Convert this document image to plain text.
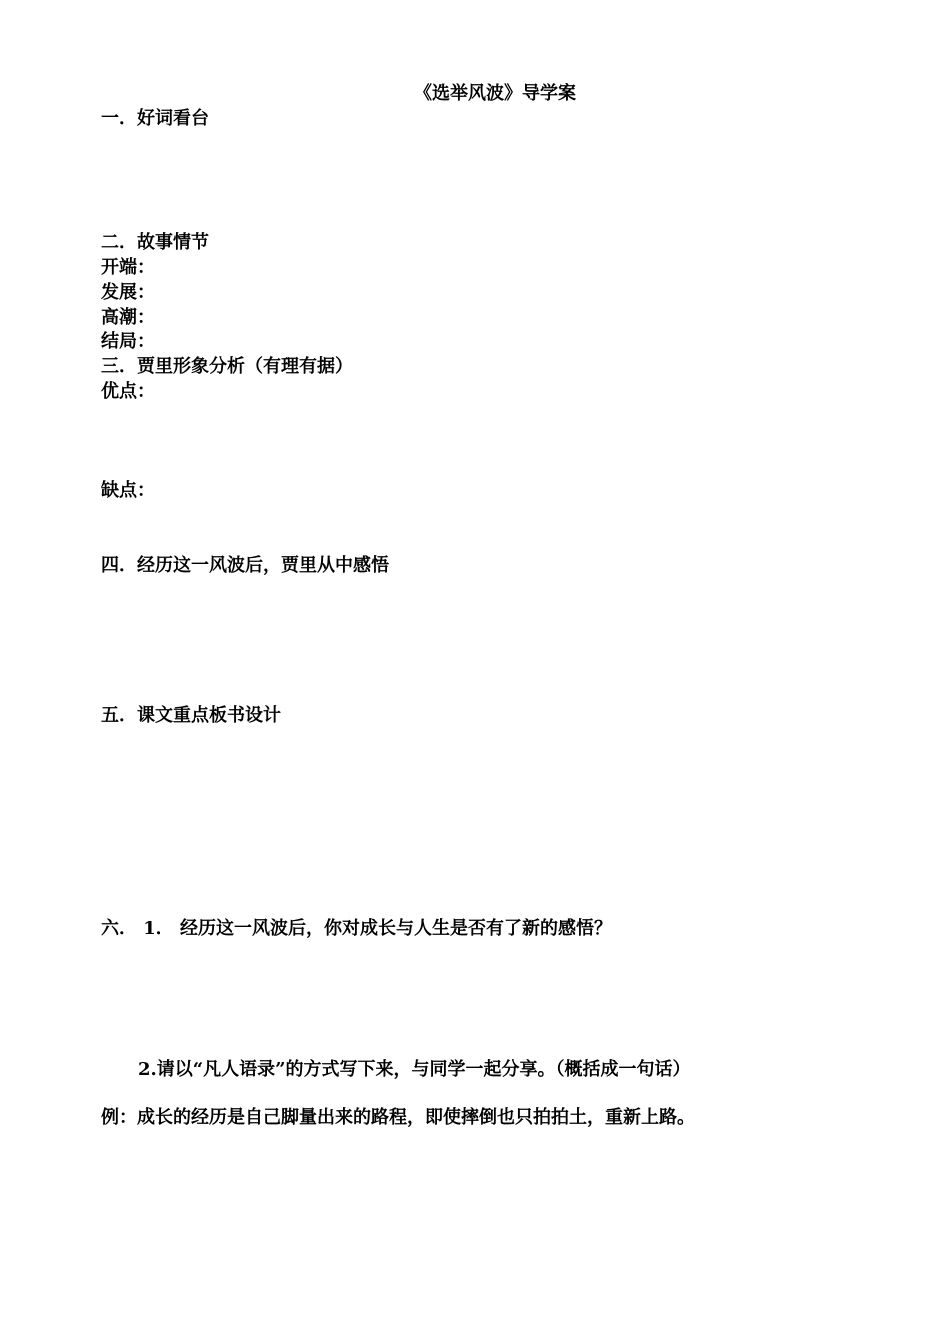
《选举风波》导学案
一．好词看台
二．故事情节
开端：
发展：
高潮：
结局：
三．贾里形象分析（有理有据）
优点：
缺点：
四．经历这一风波后，贾里从中感悟
五．课文重点板书设计
六． 1． 经历这一风波后，你对成长与人生是否有了新的感悟？
2.请以“凡人语录”的方式写下来，与同学一起分享。（概括成一句话）
例：成长的经历是自己脚量出来的路程，即使摔倒也只拍拍土，重新上路。
